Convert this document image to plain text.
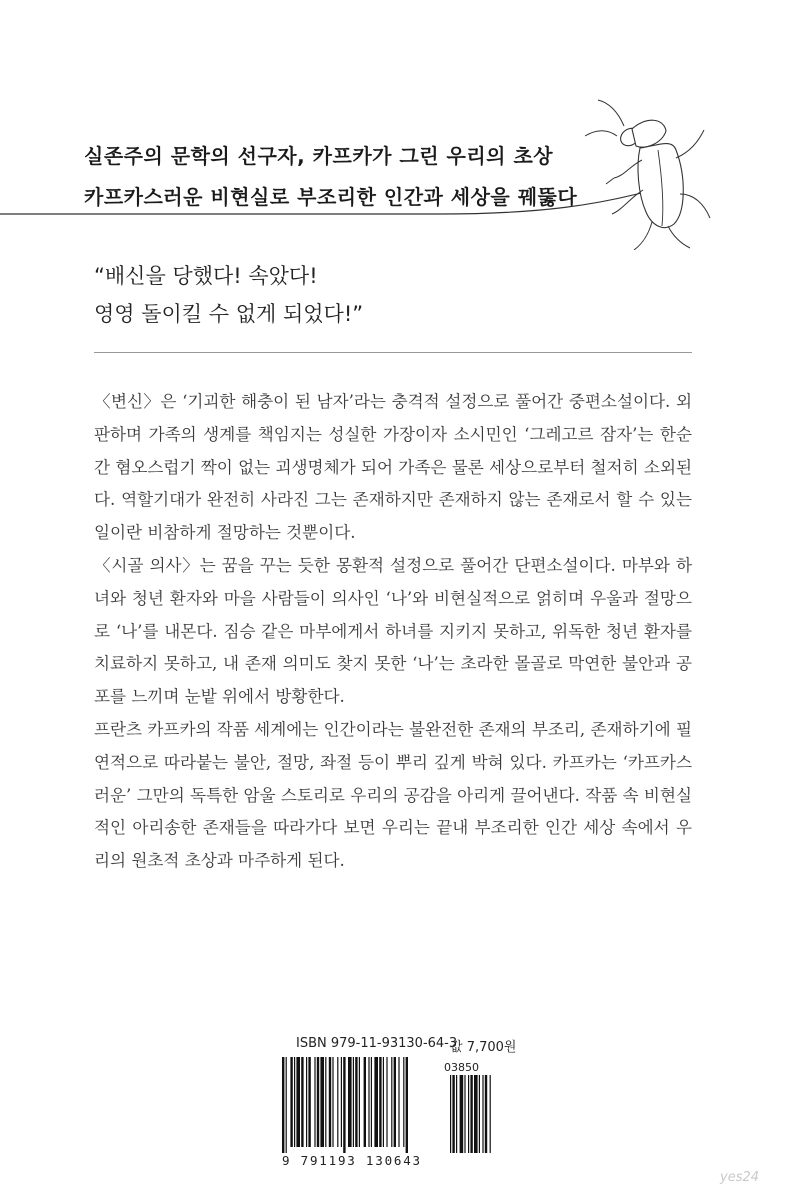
실존주의 문학의 선구자, 카프카가 그린 우리의 초상
카프카스러운 비현실로 부조리한 인간과 세상을 꿰뚫다
“배신을 당했다! 속았다!
영영 돌이킬 수 없게 되었다!”

〈변신〉은 ‘기괴한 해충이 된 남자’라는 충격적 설정으로 풀어간 중편소설이다. 외판하며 가족의 생계를 책임지는 성실한 가장이자 소시민인 ‘그레고르 잠자’는 한순간 혐오스럽기 짝이 없는 괴생명체가 되어 가족은 물론 세상으로부터 철저히 소외된다. 역할기대가 완전히 사라진 그는 존재하지만 존재하지 않는 존재로서 할 수 있는 일이란 비참하게 절망하는 것뿐이다.

〈시골 의사〉는 꿈을 꾸는 듯한 몽환적 설정으로 풀어간 단편소설이다. 마부와 하녀와 청년 환자와 마을 사람들이 의사인 ‘나’와 비현실적으로 얽히며 우울과 절망으로 ‘나’를 내몬다. 짐승 같은 마부에게서 하녀를 지키지 못하고, 위독한 청년 환자를 치료하지 못하고, 내 존재 의미도 찾지 못한 ‘나’는 초라한 몰골로 막연한 불안과 공포를 느끼며 눈밭 위에서 방황한다.

프란츠 카프카의 작품 세계에는 인간이라는 불완전한 존재의 부조리, 존재하기에 필연적으로 따라붙는 불안, 절망, 좌절 등이 뿌리 깊게 박혀 있다. 카프카는 ‘카프카스러운’ 그만의 독특한 암울 스토리로 우리의 공감을 아리게 끌어낸다. 작품 속 비현실적인 아리송한 존재들을 따라가다 보면 우리는 끝내 부조리한 인간 세상 속에서 우리의 원초적 초상과 마주하게 된다.

ISBN 979-11-93130-64-3
값 7,700원
03850
9 791193 130643
yes24
